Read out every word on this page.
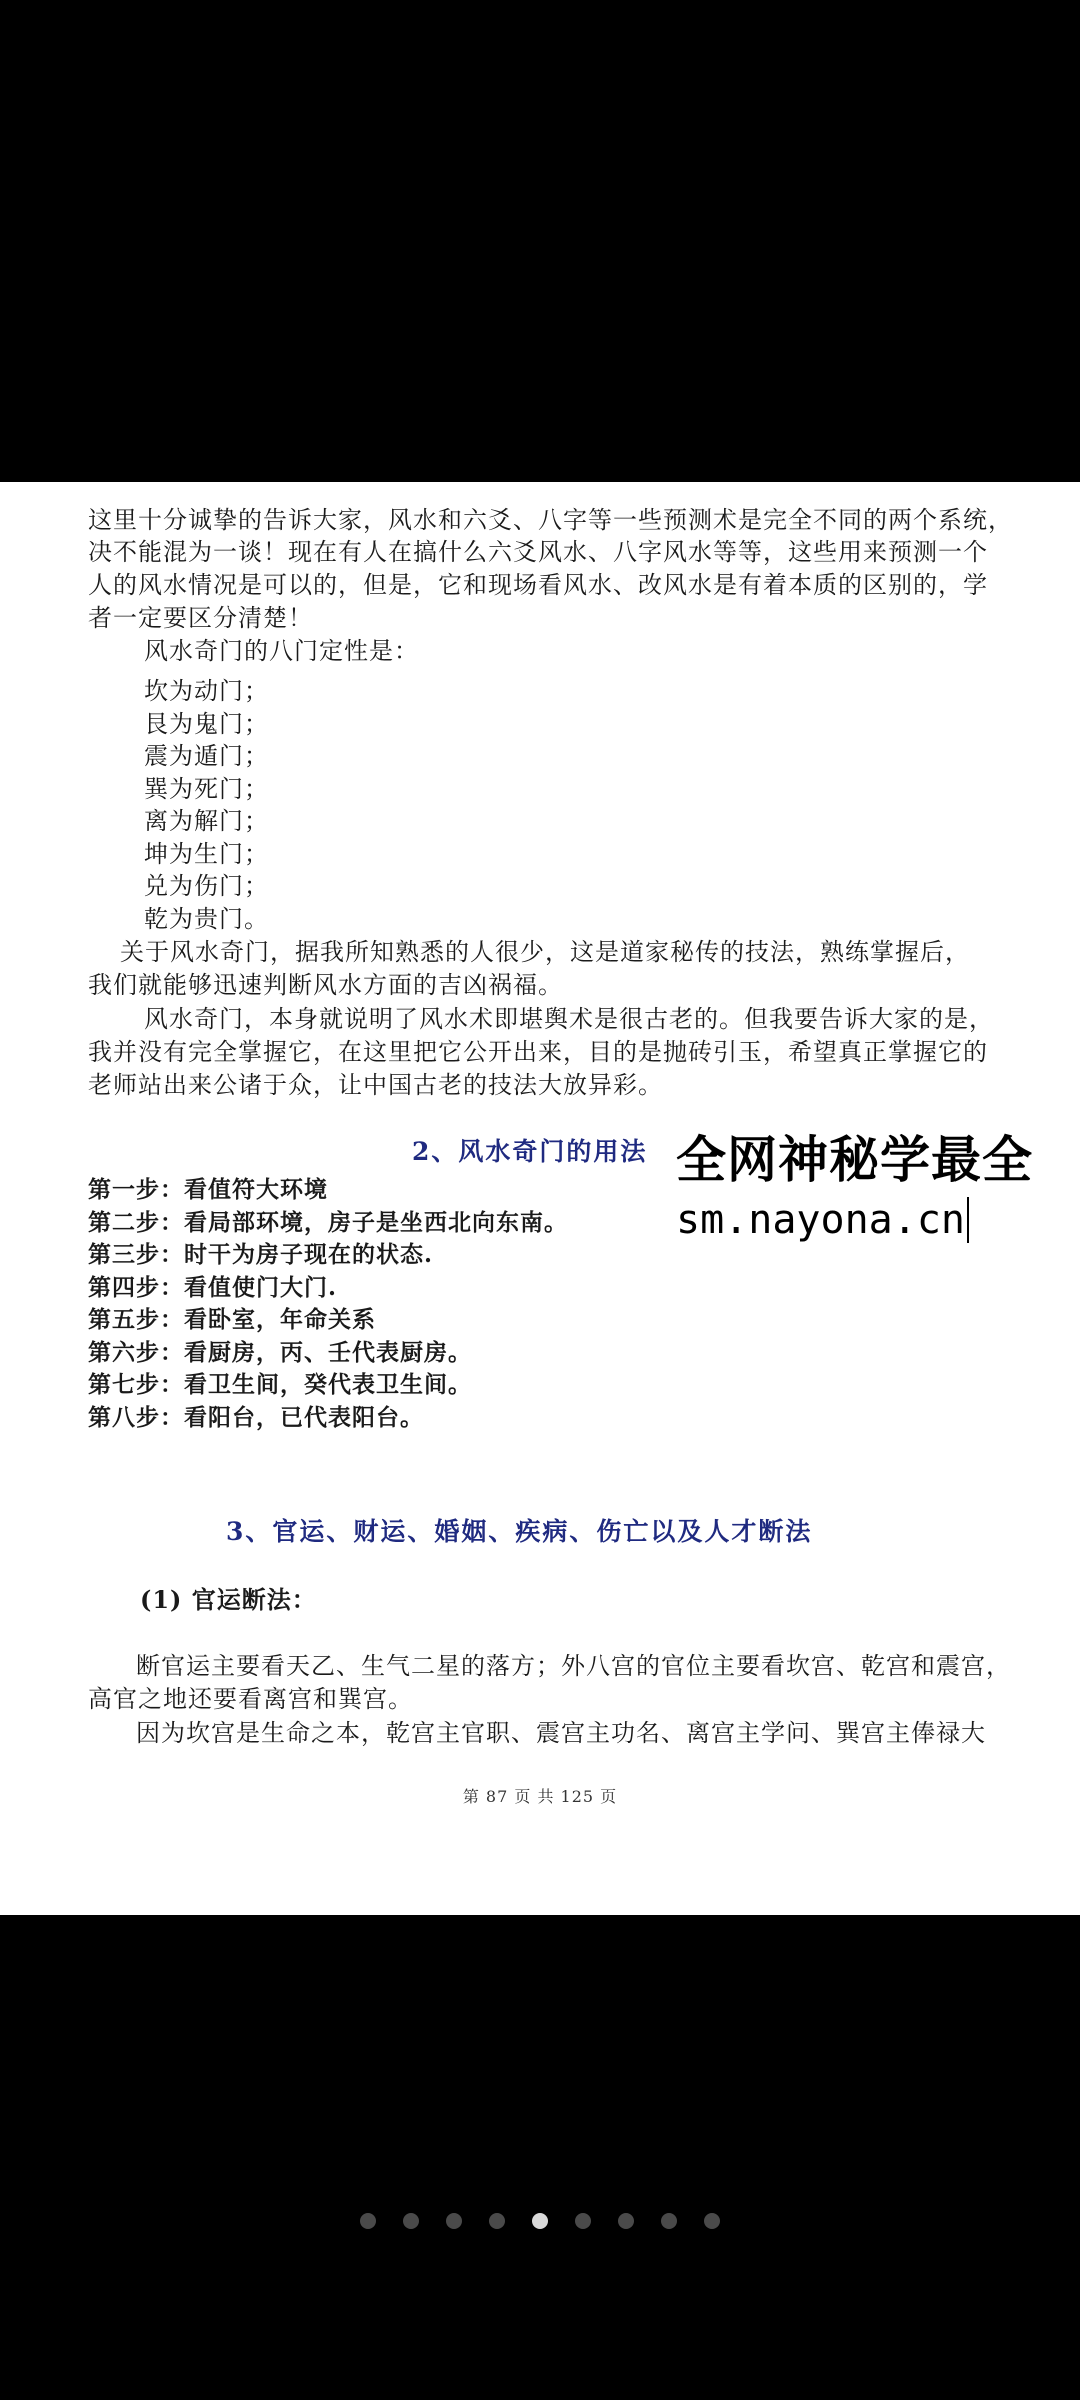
这里十分诚挚的告诉大家，风水和六爻、八字等一些预测术是完全不同的两个系统，
决不能混为一谈！现在有人在搞什么六爻风水、八字风水等等，这些用来预测一个
人的风水情况是可以的，但是，它和现场看风水、改风水是有着本质的区别的，学
者一定要区分清楚！
风水奇门的八门定性是：
坎为动门；
艮为鬼门；
震为遁门；
巽为死门；
离为解门；
坤为生门；
兑为伤门；
乾为贵门。
关于风水奇门，据我所知熟悉的人很少，这是道家秘传的技法，熟练掌握后，
我们就能够迅速判断风水方面的吉凶祸福。
风水奇门，本身就说明了风水术即堪舆术是很古老的。但我要告诉大家的是，
我并没有完全掌握它，在这里把它公开出来，目的是抛砖引玉，希望真正掌握它的
老师站出来公诸于众，让中国古老的技法大放异彩。
2、风水奇门的用法
第一步：看值符大环境
第二步：看局部环境，房子是坐西北向东南。
第三步：时干为房子现在的状态.
第四步：看值使门大门.
第五步：看卧室，年命关系
第六步：看厨房，丙、壬代表厨房。
第七步：看卫生间，癸代表卫生间。
第八步：看阳台，已代表阳台。
全网神秘学最全
sm.nayona.cn
3、官运、财运、婚姻、疾病、伤亡以及人才断法
(1) 官运断法：
断官运主要看天乙、生气二星的落方；外八宫的官位主要看坎宫、乾宫和震宫，
高官之地还要看离宫和巽宫。
因为坎宫是生命之本，乾宫主官职、震宫主功名、离宫主学问、巽宫主俸禄大
第 87 页 共 125 页
